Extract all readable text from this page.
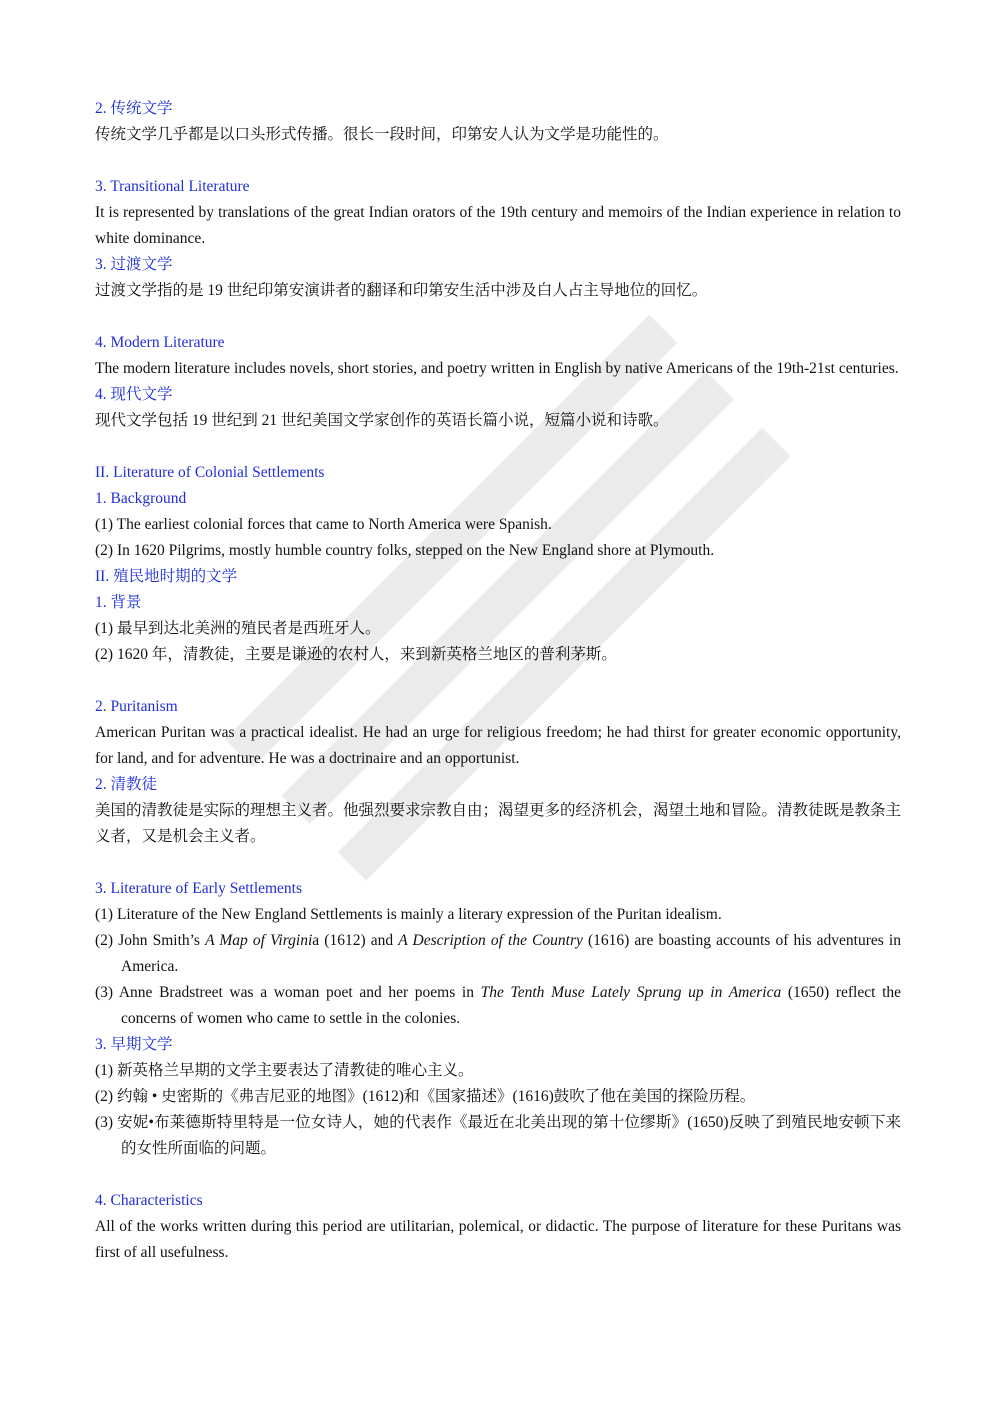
2. 传统文学

传统文学几乎都是以口头形式传播。很长一段时间，印第安人认为文学是功能性的。

3. Transitional Literature

It is represented by translations of the great Indian orators of the 19th century and memoirs of the Indian experience in relation to white dominance.

3. 过渡文学

过渡文学指的是 19 世纪印第安演讲者的翻译和印第安生活中涉及白人占主导地位的回忆。

4. Modern Literature

The modern literature includes novels, short stories, and poetry written in English by native Americans of the 19th-21st centuries.

4. 现代文学

现代文学包括 19 世纪到 21 世纪美国文学家创作的英语长篇小说，短篇小说和诗歌。

II. Literature of Colonial Settlements

1. Background

(1) The earliest colonial forces that came to North America were Spanish.

(2) In 1620 Pilgrims, mostly humble country folks, stepped on the New England shore at Plymouth.

II. 殖民地时期的文学

1. 背景

(1) 最早到达北美洲的殖民者是西班牙人。

(2) 1620 年，清教徒，主要是谦逊的农村人，来到新英格兰地区的普利茅斯。

2. Puritanism

American Puritan was a practical idealist. He had an urge for religious freedom; he had thirst for greater economic opportunity, for land, and for adventure. He was a doctrinaire and an opportunist.

2. 清教徒

美国的清教徒是实际的理想主义者。他强烈要求宗教自由；渴望更多的经济机会，渴望土地和冒险。清教徒既是教条主义者，又是机会主义者。

3. Literature of Early Settlements

(1) Literature of the New England Settlements is mainly a literary expression of the Puritan idealism.

(2) John Smith’s A Map of Virginia (1612) and A Description of the Country (1616) are boasting accounts of his adventures in America.

(3) Anne Bradstreet was a woman poet and her poems in The Tenth Muse Lately Sprung up in America (1650) reflect the concerns of women who came to settle in the colonies.

3. 早期文学

(1) 新英格兰早期的文学主要表达了清教徒的唯心主义。

(2) 约翰 • 史密斯的《弗吉尼亚的地图》(1612)和《国家描述》(1616)鼓吹了他在美国的探险历程。

(3) 安妮•布莱德斯特里特是一位女诗人，她的代表作《最近在北美出现的第十位缪斯》(1650)反映了到殖民地安顿下来的女性所面临的问题。

4. Characteristics

All of the works written during this period are utilitarian, polemical, or didactic. The purpose of literature for these Puritans was first of all usefulness.
